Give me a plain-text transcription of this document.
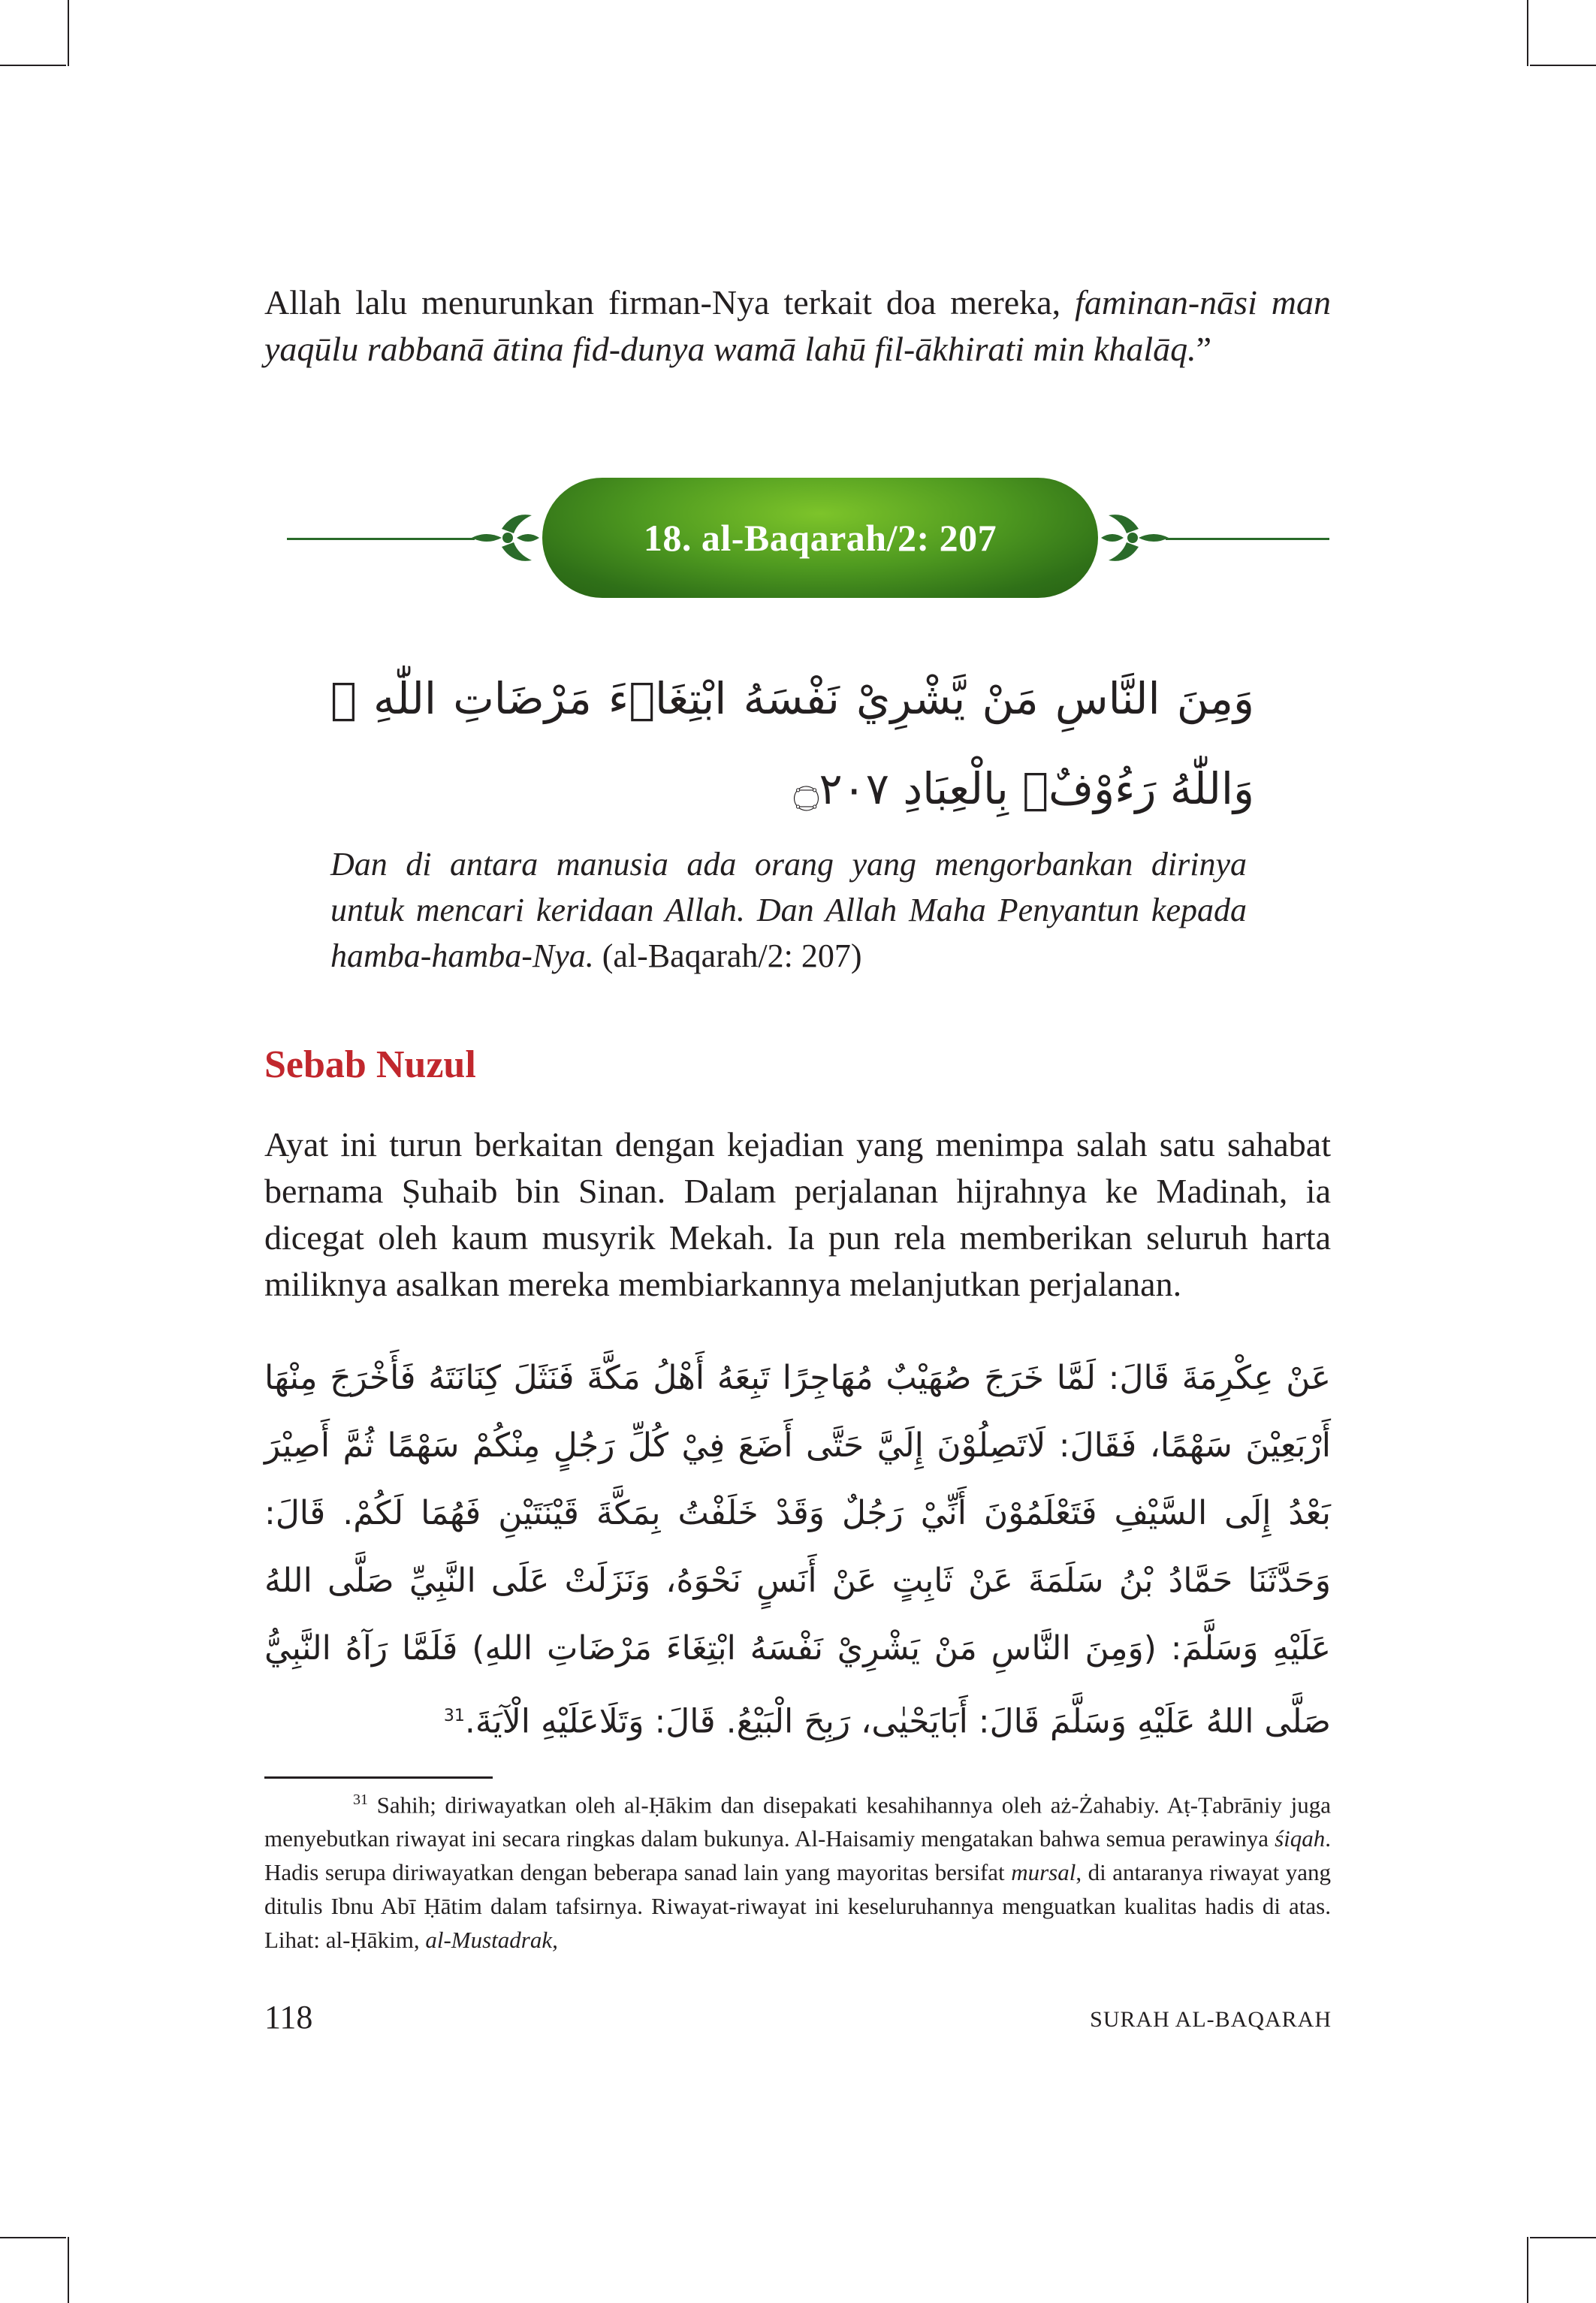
Allah lalu menurunkan firman-Nya terkait doa mereka, faminan-nāsi man yaqūlu rabbanā ātina fid-dunya wamā lahū fil-ākhirati min khalāq.”
18. al-Baqarah/2: 207
وَمِنَ النَّاسِ مَنْ يَّشْرِيْ نَفْسَهُ ابْتِغَاۤءَ مَرْضَاتِ اللّٰهِ ۗ وَاللّٰهُ رَءُوْفٌۢ بِالْعِبَادِ ۝٢٠٧
Dan di antara manusia ada orang yang mengorbankan dirinya untuk mencari keridaan Allah. Dan Allah Maha Penyantun kepada hamba-hamba-Nya. (al-Baqarah/2: 207)
Sebab Nuzul
Ayat ini turun berkaitan dengan kejadian yang menimpa salah satu sahabat bernama Ṣuhaib bin Sinan. Dalam perjalanan hijrahnya ke Madinah, ia dicegat oleh kaum musyrik Mekah. Ia pun rela memberikan seluruh harta miliknya asalkan mereka membiarkannya melanjutkan perjalanan.
عَنْ عِكْرِمَةَ قَالَ: لَمَّا خَرَجَ صُهَيْبٌ مُهَاجِرًا تَبِعَهُ أَهْلُ مَكَّةَ فَنَثَلَ كِنَانَتَهُ فَأَخْرَجَ مِنْهَا أَرْبَعِيْنَ سَهْمًا، فَقَالَ: لَاتَصِلُوْنَ إِلَيَّ حَتَّى أَضَعَ فِيْ كُلِّ رَجُلٍ مِنْكُمْ سَهْمًا ثُمَّ أَصِيْرَ بَعْدُ إِلَى السَّيْفِ فَتَعْلَمُوْنَ أَنِّيْ رَجُلٌ وَقَدْ خَلَفْتُ بِمَكَّةَ قَيْنَتَيْنِ فَهُمَا لَكُمْ. قَالَ: وَحَدَّثَنَا حَمَّادُ بْنُ سَلَمَةَ عَنْ ثَابِتٍ عَنْ أَنَسٍ نَحْوَهُ، وَنَزَلَتْ عَلَى النَّبِيِّ صَلَّى اللهُ عَلَيْهِ وَسَلَّمَ: (وَمِنَ النَّاسِ مَنْ يَشْرِيْ نَفْسَهُ ابْتِغَاءَ مَرْضَاتِ اللهِ) فَلَمَّا رَآهُ النَّبِيُّ صَلَّى اللهُ عَلَيْهِ وَسَلَّمَ قَالَ: أَبَايَحْيٰى، رَبِحَ الْبَيْعُ. قَالَ: وَتَلَاعَلَيْهِ الْآيَةَ.$^{31}$
$^{31}$ Sahih; diriwayatkan oleh al-Ḥākim dan disepakati kesahihannya oleh aż-Żahabiy. Aṭ-Ṭabrāniy juga menyebutkan riwayat ini secara ringkas dalam bukunya. Al-Haisamiy mengatakan bahwa semua perawinya śiqah. Hadis serupa diriwayatkan dengan beberapa sanad lain yang mayoritas bersifat mursal, di antaranya riwayat yang ditulis Ibnu Abī Ḥātim dalam tafsirnya. Riwayat-riwayat ini keseluruhannya menguatkan kualitas hadis di atas. Lihat: al-Ḥākim, al-Mustadrak,
118	SURAH AL-BAQARAH
